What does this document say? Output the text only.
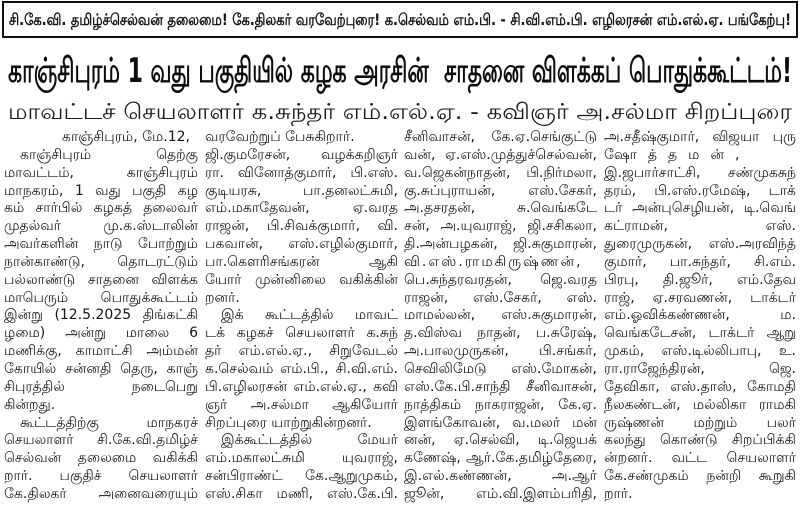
சி.கே.வி. தமிழ்ச்செல்வன் தலைமை! கே.திலகர் வரவேற்புரை! க.செல்வம் எம்.பி. - சி.வி.எம்.பி. எழிலரசன் எம்.எல்.ஏ. பங்கேற்பு!
காஞ்சிபுரம் 1 வது பகுதியில் கழக அரசின்  சாதனை விளக்கப் பொதுக்கூட்டம்!
மாவட்டச் செயலாளர் க.சுந்தர் எம்.எல்.ஏ. - கவிஞர் அ.சல்மா சிறப்புரை
காஞ்சிபுரம், மே.12,
காஞ்சிபுரம் தெற்கு
மாவட்டம், காஞ்சிபுரம்
மாநகரம், 1 வது பகுதி கழ
கம் சார்பில் கழகத் தலைவர்
முதல்வர் மு.க.ஸ்டாலின்
அவர்களின் நாடு போற்றும்
நான்காண்டு, தொடரட்டும்
பல்லாண்டு சாதனை விளக்க
மாபெரும் பொதுக்கூட்டம்
இன்று (12.5.2025 திங்கட்கி
ழமை) அன்று மாலை 6
மணிக்கு, காமாட்சி அம்மன்
கோயில் சன்னதி தெரு, காஞ்
சிபுரத்தில் நடைபெறு
கின்றது.
கூட்டத்திற்கு மாநகரச்
செயலாளர் சி.கே.வி.தமிழ்ச்
செல்வன் தலைமை வகிக்கி
றார். பகுதிச் செயலாளர்
கே.திலகர் அனைவரையும்
வரவேற்றுப் பேசுகிறார்.
ஜி.குமரேசன், வழக்கறிஞர்
ரா. வினோத்குமார், பி.எஸ்.
குடியரசு, பா.தனலட்சுமி,
எம்.மகாதேவன், ஏ.வரத
ராஜன், பி.சிவக்குமார், வி.
பகவான், எஸ்.எழில்குமார்,
பா.கௌரிசங்கரன் ஆகி
யோர் முன்னிலை வகிக்கின்
றனர்.
இக் கூட்டத்தில் மாவட்
டக் கழகச் செயலாளர் க.சுந்
தர் எம்.எல்.ஏ., சிறுவேடல்
க.செல்வம் எம்.பி., சி.வி.எம்.
பி.எழிலரசன் எம்.எல்.ஏ., கவி
ஞர் அ.சல்மா ஆகியோர்
சிறப்புரை யாற்றுகின்றனர்.
இக்கூட்டத்தில் மேயர்
எம்.மகாலட்சுமி யுவராஜ்,
சன்பிராண்ட் கே.ஆறுமுகம்,
எஸ்.சிகா மணி, எஸ்.கே.பி.
சீனிவாசன், கே.ஏ.செங்குட்டு
வன், ஏ.எஸ்.முத்துச்செல்வன்,
வ.ஜெகன்நாதன், பி.நிர்மலா,
கு.சுப்புராயன், எஸ்.சேகர்,
அ.தசரதன், சு.வெங்கடே
சன், அ.யுவராஜ், ஜி.சசிகலா,
தி.அன்பழகன், ஜி.சுகுமாரன்,
வி.எஸ்.ராமகிருஷ்ணன்,
பெ.சுந்தரவரதன், ஜெ.வரத
ராஜன், எஸ்.சேகர், எஸ்.
மாமல்லன், எஸ்.சுகுமாரன்,
த.விஸ்வ நாதன், ப.சுரேஷ்,
அ.பாலமுருகன், பி.சங்கர்,
செவிலிமேடு எஸ்.மோகன்,
எஸ்.கே.பி.சாந்தி சீனிவாசன்,
நாத்திகம் நாகராஜன், கே.ஏ.
இளங்கோவன், வ.மலர் மன்
னன், ஏ.செல்வி, டி.ஜெயக்
கணேஷ், ஆர்.கே.தமிழ்தேரை,
இ.எல்.கண்ணன், அ.ஆர்
ஜூன், எம்.வி.இளம்பரிதி,
அ.சதீஷ்குமார், விஜயா புரு
ஷோத்தமன்,
இ.ஜபார்சாட்சி, சண்முகசுந்
தரம், பி.எஸ்.ரமேஷ், டாக்
டர் அன்புசெழியன், டி.வெங்
கட்ராமன், எஸ்.
துரைமுருகன், எஸ்.அரவிந்த்
குமார், பா.சுந்தர், சி.எம்.
பிரபு, தி.ஜூர், எம்.தேவ
ராஜ், ஏ.சரவணன், டாக்டர்
எம்.ஓவிக்கண்ணன், ம.
வெங்கடேசன், டாக்டர் ஆறு
முகம், எஸ்.டில்லிபாபு, உ.
ரா.ராஜேந்திரன், ஜெ.
தேவிகா, எஸ்.தாஸ், கோமதி
நீலகண்டன், மல்லிகா ராமகி
ருஷ்ணன் மற்றும் பலர்
கலந்து கொண்டு சிறப்பிக்கி
ன்றனர். வட்ட செயலாளர்
கே.சண்முகம் நன்றி கூறுகி
றார்.
